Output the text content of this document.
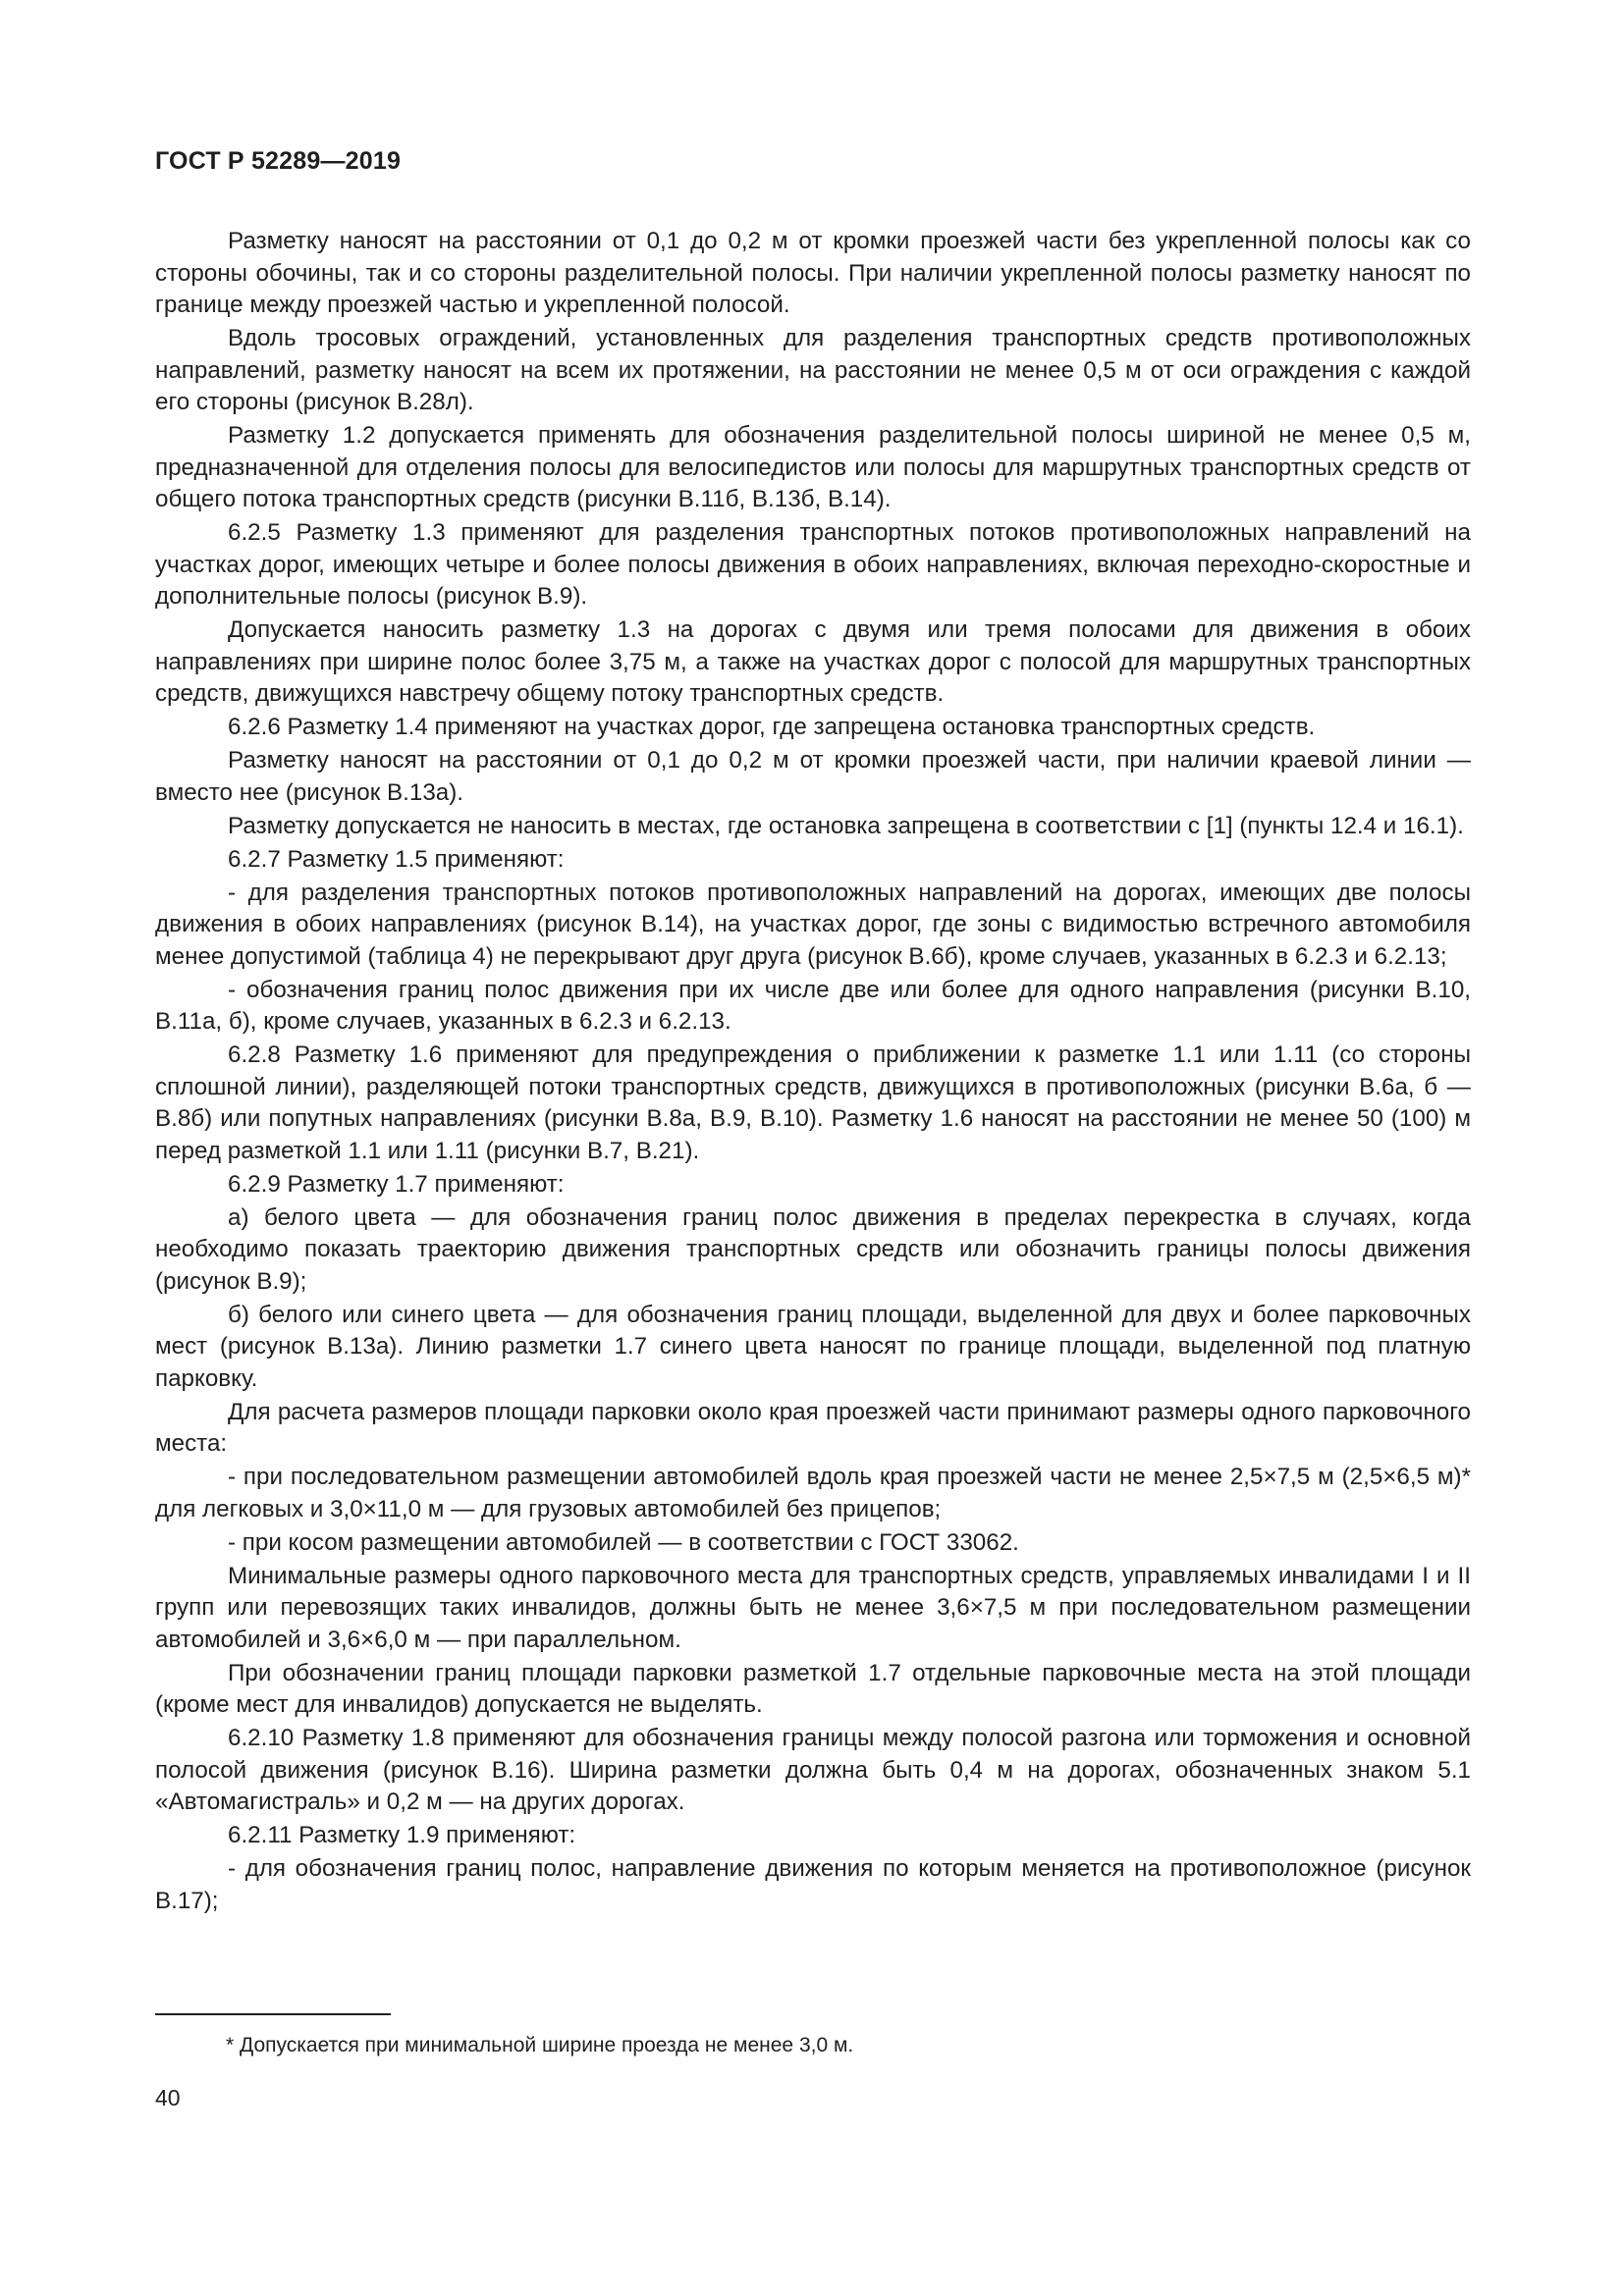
ГОСТ Р 52289—2019

Разметку наносят на расстоянии от 0,1 до 0,2 м от кромки проезжей части без укрепленной полосы как со стороны обочины, так и со стороны разделительной полосы. При наличии укрепленной полосы разметку наносят по границе между проезжей частью и укрепленной полосой.

Вдоль тросовых ограждений, установленных для разделения транспортных средств противоположных направлений, разметку наносят на всем их протяжении, на расстоянии не менее 0,5 м от оси ограждения с каждой его стороны (рисунок В.28л).

Разметку 1.2 допускается применять для обозначения разделительной полосы шириной не менее 0,5 м, предназначенной для отделения полосы для велосипедистов или полосы для маршрутных транспортных средств от общего потока транспортных средств (рисунки В.11б, В.13б, В.14).

6.2.5 Разметку 1.3 применяют для разделения транспортных потоков противоположных направлений на участках дорог, имеющих четыре и более полосы движения в обоих направлениях, включая переходно-скоростные и дополнительные полосы (рисунок В.9).

Допускается наносить разметку 1.3 на дорогах с двумя или тремя полосами для движения в обоих направлениях при ширине полос более 3,75 м, а также на участках дорог с полосой для маршрутных транспортных средств, движущихся навстречу общему потоку транспортных средств.

6.2.6 Разметку 1.4 применяют на участках дорог, где запрещена остановка транспортных средств.

Разметку наносят на расстоянии от 0,1 до 0,2 м от кромки проезжей части, при наличии краевой линии — вместо нее (рисунок В.13а).

Разметку допускается не наносить в местах, где остановка запрещена в соответствии с [1] (пункты 12.4 и 16.1).

6.2.7 Разметку 1.5 применяют:

- для разделения транспортных потоков противоположных направлений на дорогах, имеющих две полосы движения в обоих направлениях (рисунок В.14), на участках дорог, где зоны с видимостью встречного автомобиля менее допустимой (таблица 4) не перекрывают друг друга (рисунок В.6б), кроме случаев, указанных в 6.2.3 и 6.2.13;

- обозначения границ полос движения при их числе две или более для одного направления (рисунки В.10, В.11а, б), кроме случаев, указанных в 6.2.3 и 6.2.13.

6.2.8 Разметку 1.6 применяют для предупреждения о приближении к разметке 1.1 или 1.11 (со стороны сплошной линии), разделяющей потоки транспортных средств, движущихся в противоположных (рисунки В.6а, б — В.8б) или попутных направлениях (рисунки В.8а, В.9, В.10). Разметку 1.6 наносят на расстоянии не менее 50 (100) м перед разметкой 1.1 или 1.11 (рисунки В.7, В.21).

6.2.9 Разметку 1.7 применяют:

а) белого цвета — для обозначения границ полос движения в пределах перекрестка в случаях, когда необходимо показать траекторию движения транспортных средств или обозначить границы полосы движения (рисунок В.9);

б) белого или синего цвета — для обозначения границ площади, выделенной для двух и более парковочных мест (рисунок В.13а). Линию разметки 1.7 синего цвета наносят по границе площади, выделенной под платную парковку.

Для расчета размеров площади парковки около края проезжей части принимают размеры одного парковочного места:

- при последовательном размещении автомобилей вдоль края проезжей части не менее 2,5×7,5 м (2,5×6,5 м)* для легковых и 3,0×11,0 м — для грузовых автомобилей без прицепов;

- при косом размещении автомобилей — в соответствии с ГОСТ 33062.

Минимальные размеры одного парковочного места для транспортных средств, управляемых инвалидами I и II групп или перевозящих таких инвалидов, должны быть не менее 3,6×7,5 м при последовательном размещении автомобилей и 3,6×6,0 м — при параллельном.

При обозначении границ площади парковки разметкой 1.7 отдельные парковочные места на этой площади (кроме мест для инвалидов) допускается не выделять.

6.2.10 Разметку 1.8 применяют для обозначения границы между полосой разгона или торможения и основной полосой движения (рисунок В.16). Ширина разметки должна быть 0,4 м на дорогах, обозначенных знаком 5.1 «Автомагистраль» и 0,2 м — на других дорогах.

6.2.11 Разметку 1.9 применяют:

- для обозначения границ полос, направление движения по которым меняется на противоположное (рисунок В.17);

* Допускается при минимальной ширине проезда не менее 3,0 м.
40
